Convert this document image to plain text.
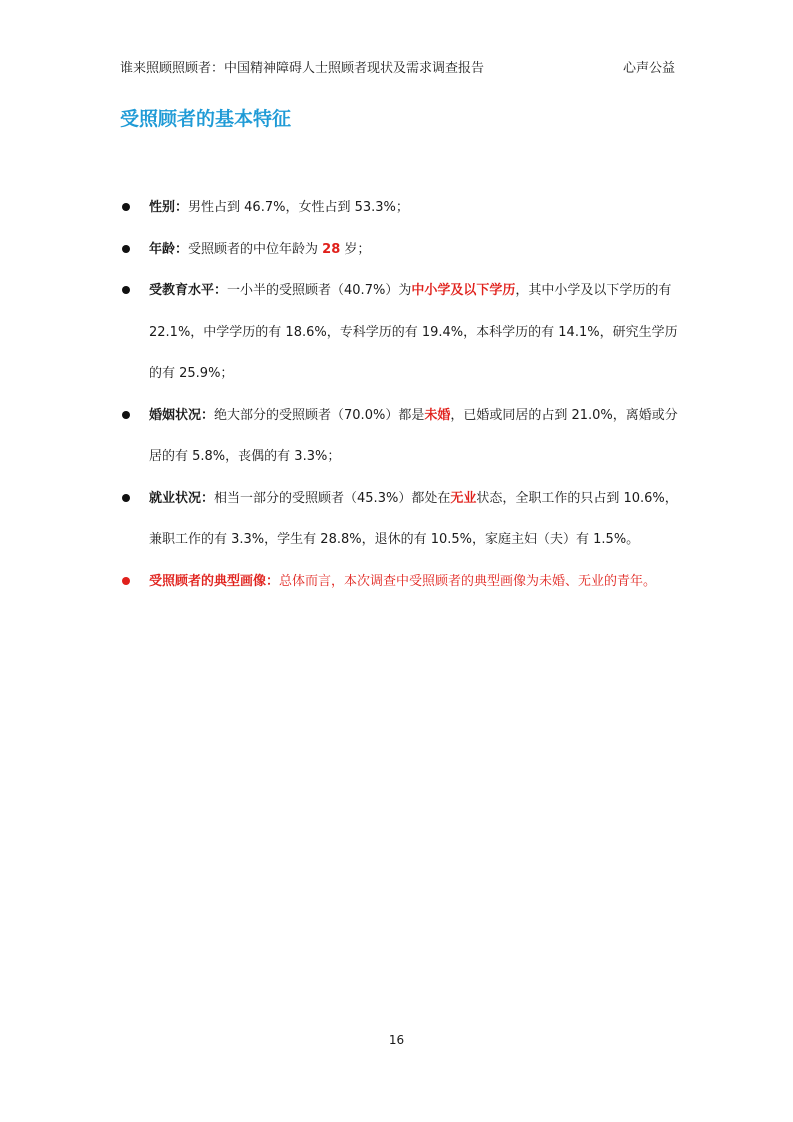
谁来照顾照顾者：中国精神障碍人士照顾者现状及需求调查报告	心声公益
受照顾者的基本特征
性别：男性占到 46.7%，女性占到 53.3%；
年龄：受照顾者的中位年龄为 28 岁；
受教育水平：一小半的受照顾者（40.7%）为中小学及以下学历，其中小学及以下学历的有 22.1%，中学学历的有 18.6%，专科学历的有 19.4%，本科学历的有 14.1%，研究生学历的有 25.9%；
婚姻状况：绝大部分的受照顾者（70.0%）都是未婚，已婚或同居的占到 21.0%，离婚或分居的有 5.8%，丧偶的有 3.3%；
就业状况：相当一部分的受照顾者（45.3%）都处在无业状态，全职工作的只占到 10.6%，兼职工作的有 3.3%，学生有 28.8%，退休的有 10.5%，家庭主妇（夫）有 1.5%。
受照顾者的典型画像：总体而言，本次调查中受照顾者的典型画像为未婚、无业的青年。
16
